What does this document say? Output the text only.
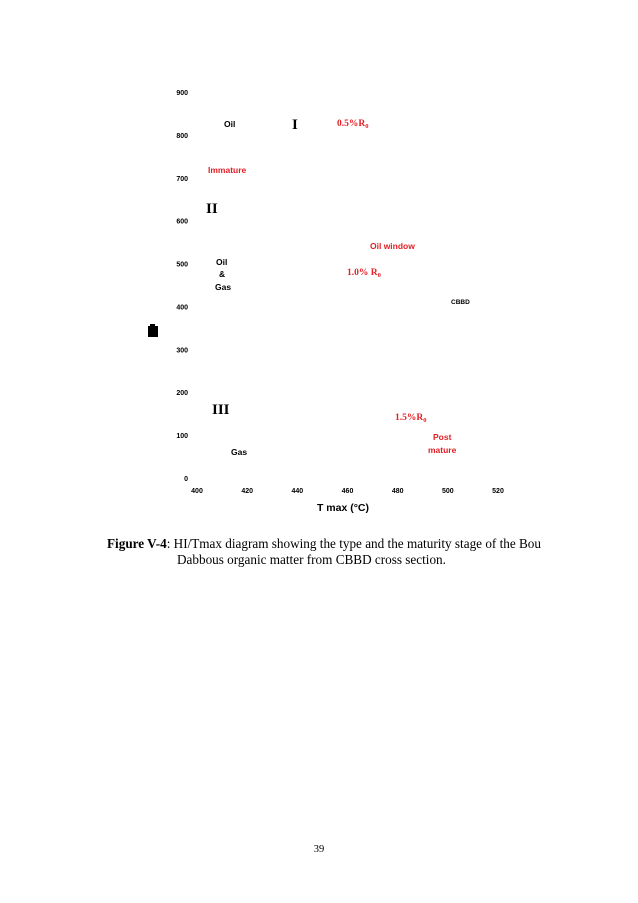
0
100
200
300
400
500
600
700
800
900
400	420	440	460	480	500	520
T max (°C)
Oil	I	$0.5\%R_0$
Immature
II
Oil window
Oil
&
Gas
1.0% $R_0$
CBBD
III	$1.5\%R_0$
Post
mature
Gas
Figure V-4: HI/Tmax diagram showing the type and the maturity stage of the Bou
Dabbous organic matter from CBBD cross section.
39
